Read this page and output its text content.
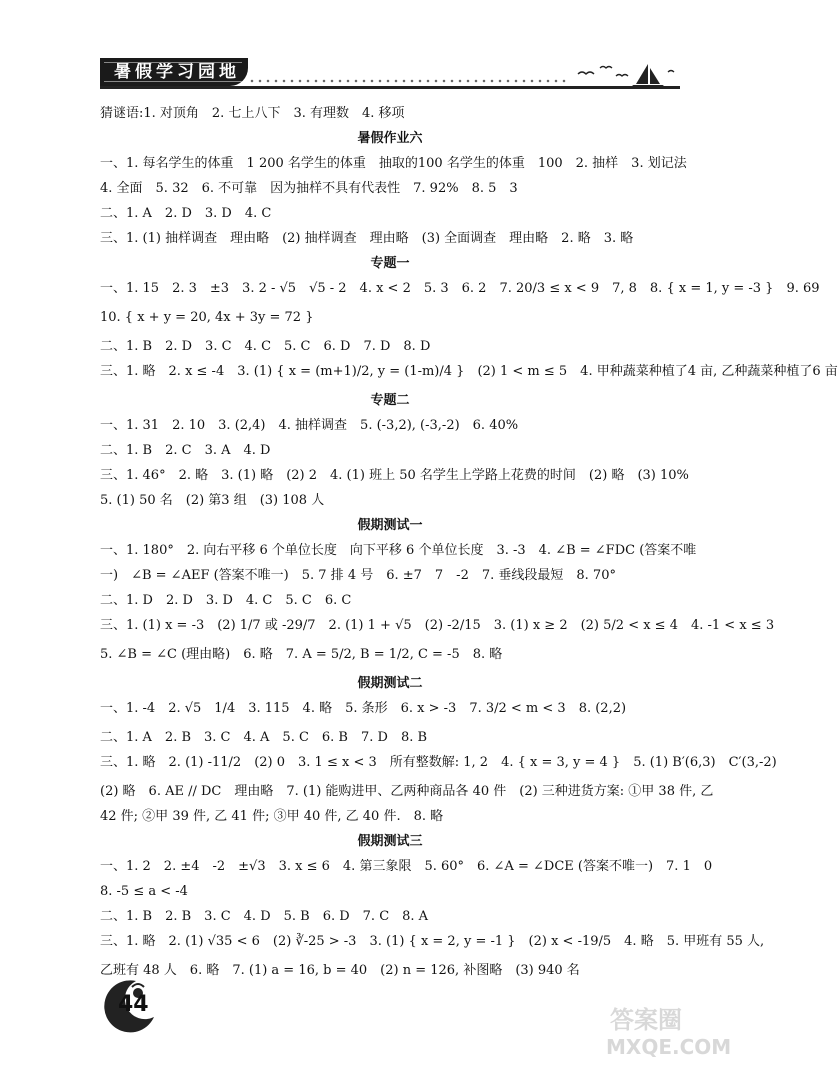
暑假学习园地
猜谜语:1. 对顶角　2. 七上八下　3. 有理数　4. 移项
暑假作业六
一、1. 每名学生的体重　1 200 名学生的体重　抽取的100 名学生的体重　100　2. 抽样　3. 划记法
4. 全面　5. 32　6. 不可靠　因为抽样不具有代表性　7. 92%　8. 5　3
二、1. A　2. D　3. D　4. C
三、1. (1) 抽样调查　理由略　(2) 抽样调查　理由略　(3) 全面调查　理由略　2. 略　3. 略
专题一
一、1. 15　2. 3　±3　3. 2 - √5　√5 - 2　4. x < 2　5. 3　6. 2　7. 20/3 ≤ x < 9　7, 8　8. { x = 1, y = -3 }　9. 69
10. { x + y = 20, 4x + 3y = 72 }
二、1. B　2. D　3. C　4. C　5. C　6. D　7. D　8. D
三、1. 略　2. x ≤ -4　3. (1) { x = (m+1)/2, y = (1-m)/4 }　(2) 1 < m ≤ 5　4. 甲种蔬菜种植了4 亩, 乙种蔬菜种植了6 亩
专题二
一、1. 31　2. 10　3. (2,4)　4. 抽样调查　5. (-3,2), (-3,-2)　6. 40%
二、1. B　2. C　3. A　4. D
三、1. 46°　2. 略　3. (1) 略　(2) 2　4. (1) 班上 50 名学生上学路上花费的时间　(2) 略　(3) 10%
5. (1) 50 名　(2) 第3 组　(3) 108 人
假期测试一
一、1. 180°　2. 向右平移 6 个单位长度　向下平移 6 个单位长度　3. -3　4. ∠B = ∠FDC (答案不唯
一)　∠B = ∠AEF (答案不唯一)　5. 7 排 4 号　6. ±7　7　-2　7. 垂线段最短　8. 70°
二、1. D　2. D　3. D　4. C　5. C　6. C
三、1. (1) x = -3　(2) 1/7 或 -29/7　2. (1) 1 + √5　(2) -2/15　3. (1) x ≥ 2　(2) 5/2 < x ≤ 4　4. -1 < x ≤ 3
5. ∠B = ∠C (理由略)　6. 略　7. A = 5/2, B = 1/2, C = -5　8. 略
假期测试二
一、1. -4　2. √5　1/4　3. 115　4. 略　5. 条形　6. x > -3　7. 3/2 < m < 3　8. (2,2)
二、1. A　2. B　3. C　4. A　5. C　6. B　7. D　8. B
三、1. 略　2. (1) -11/2　(2) 0　3. 1 ≤ x < 3　所有整数解: 1, 2　4. { x = 3, y = 4 }　5. (1) B′(6,3)　C′(3,-2)
(2) 略　6. AE // DC　理由略　7. (1) 能购进甲、乙两种商品各 40 件　(2) 三种进货方案: ①甲 38 件, 乙
42 件; ②甲 39 件, 乙 41 件; ③甲 40 件, 乙 40 件.　8. 略
假期测试三
一、1. 2　2. ±4　-2　±√3　3. x ≤ 6　4. 第三象限　5. 60°　6. ∠A = ∠DCE (答案不唯一)　7. 1　0
8. -5 ≤ a < -4
二、1. B　2. B　3. C　4. D　5. B　6. D　7. C　8. A
三、1. 略　2. (1) √35 < 6　(2) ∛-25 > -3　3. (1) { x = 2, y = -1 }　(2) x < -19/5　4. 略　5. 甲班有 55 人,
乙班有 48 人　6. 略　7. (1) a = 16, b = 40　(2) n = 126, 补图略　(3) 940 名
44
答案圈
MXQE.COM
